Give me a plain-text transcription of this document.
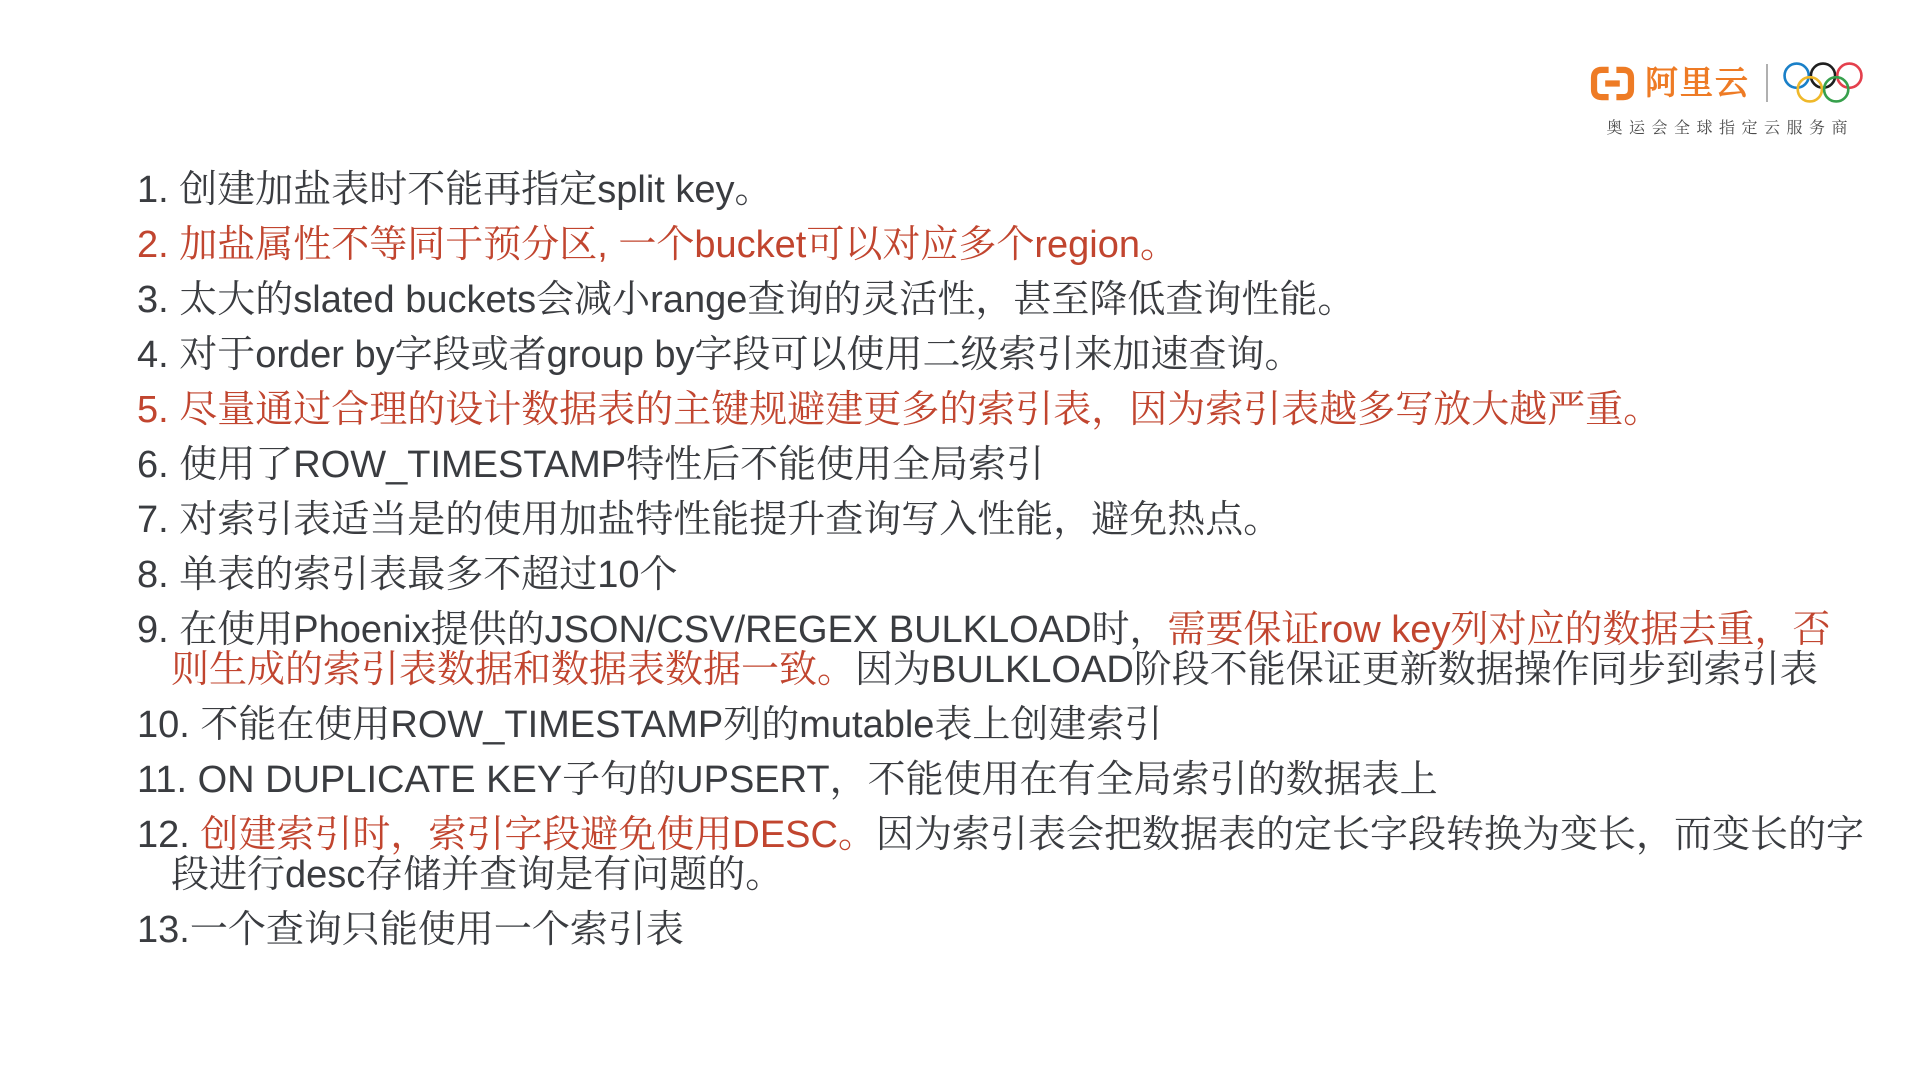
阿里云
奥运会全球指定云服务商
1. 创建加盐表时不能再指定split key。
2. 加盐属性不等同于预分区, 一个bucket可以对应多个region。
3. 太大的slated buckets会减小range查询的灵活性，甚至降低查询性能。
4. 对于order by字段或者group by字段可以使用二级索引来加速查询。
5. 尽量通过合理的设计数据表的主键规避建更多的索引表，因为索引表越多写放大越严重。
6. 使用了ROW_TIMESTAMP特性后不能使用全局索引
7. 对索引表适当是的使用加盐特性能提升查询写入性能，避免热点。
8. 单表的索引表最多不超过10个
9. 在使用Phoenix提供的JSON/CSV/REGEX BULKLOAD时，需要保证row key列对应的数据去重，否
则生成的索引表数据和数据表数据一致。因为BULKLOAD阶段不能保证更新数据操作同步到索引表
10. 不能在使用ROW_TIMESTAMP列的mutable表上创建索引
11. ON DUPLICATE KEY子句的UPSERT，不能使用在有全局索引的数据表上
12. 创建索引时，索引字段避免使用DESC。因为索引表会把数据表的定长字段转换为变长，而变长的字
段进行desc存储并查询是有问题的。
13.一个查询只能使用一个索引表
